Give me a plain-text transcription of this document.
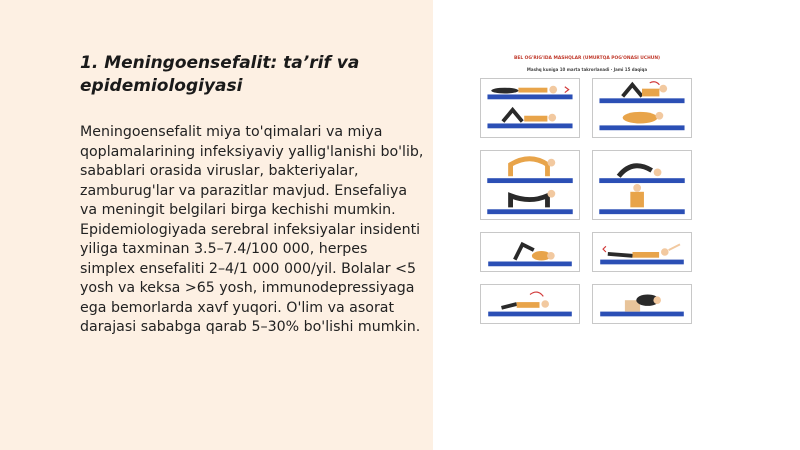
1. Meningoensefalit: ta’rif va epidemiologiyasi

Meningoensefalit miya to'qimalari va miya qoplamalarining infeksiyaviy yallig'lanishi bo'lib, sabablari orasida viruslar, bakteriyalar, zamburug'lar va parazitlar mavjud. Ensefaliya va meningit belgilari birga kechishi mumkin. Epidemiologiyada serebral infeksiyalar insidenti yiliga taxminan 3.5–7.4/100 000, herpes simplex ensefaliti 2–4/1 000 000/yil. Bolalar <5 yosh va keksa >65 yosh, immunodepressiyaga ega bemorlarda xavf yuqori. O'lim va asorat darajasi sababga qarab 5–30% bo'lishi mumkin.

BEL OG'RIG'IDA MASHQLAR (UMURTQA POG'ONASI UCHUN)
Mashq kuniga 10 marta takrorlanadi · Jami 15 daqiqa
